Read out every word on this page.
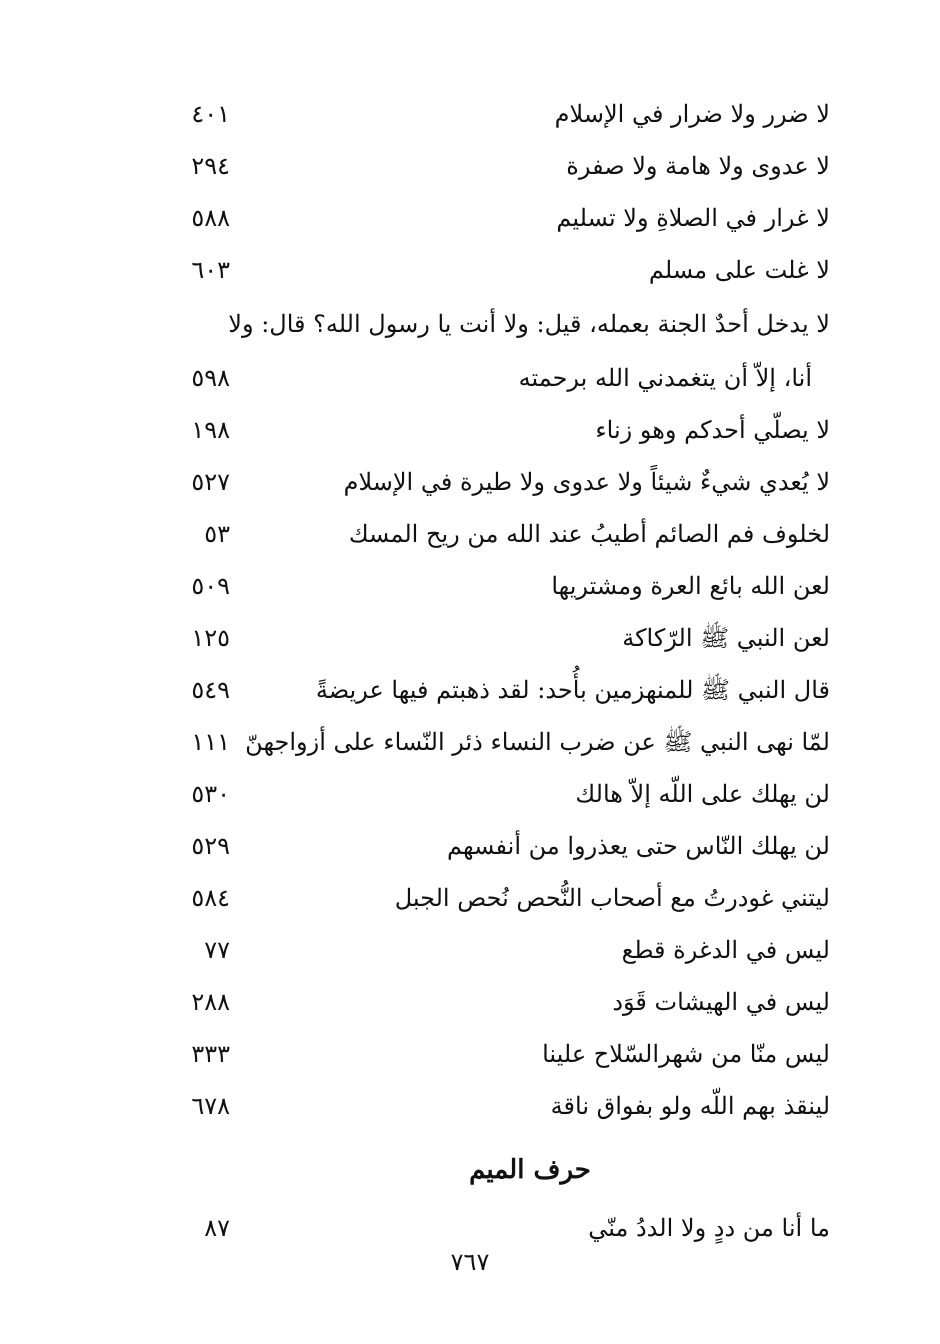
لا ضرر ولا ضرار في الإسلام
٤٠١
لا عدوى ولا هامة ولا صفرة
٢٩٤
لا غرار في الصلاةِ ولا تسليم
٥٨٨
لا غلت على مسلم
٦٠٣
لا يدخل أحدٌ الجنة بعمله، قيل: ولا أنت يا رسول الله؟ قال: ولا
أنا، إلاّ أن يتغمدني الله برحمته
٥٩٨
لا يصلّي أحدكم وهو زناء
١٩٨
لا يُعدي شيءٌ شيئاً ولا عدوى ولا طيرة في الإسلام
٥٢٧
لخلوف فم الصائم أطيبُ عند الله من ريح المسك
٥٣
لعن الله بائع العرة ومشتريها
٥٠٩
لعن النبي ﷺ الرّكاكة
١٢٥
قال النبي ﷺ للمنهزمين بأُحد: لقد ذهبتم فيها عريضةً
٥٤٩
لمّا نهى النبي ﷺ عن ضرب النساء ذئر النّساء على أزواجهنّ
١١١
لن يهلك على اللّه إلاّ هالك
٥٣٠
لن يهلك النّاس حتى يعذروا من أنفسهم
٥٢٩
ليتني غودرتُ مع أصحاب النُّحص نُحص الجبل
٥٨٤
ليس في الدغرة قطع
٧٧
ليس في الهيشات قَوَد
٢٨٨
ليس منّا من شهرالسّلاح علينا
٣٣٣
لينقذ بهم اللّه ولو بفواق ناقة
٦٧٨
حرف الميم
ما أنا من ددٍ ولا الددُ منّي
٨٧
٧٦٧
